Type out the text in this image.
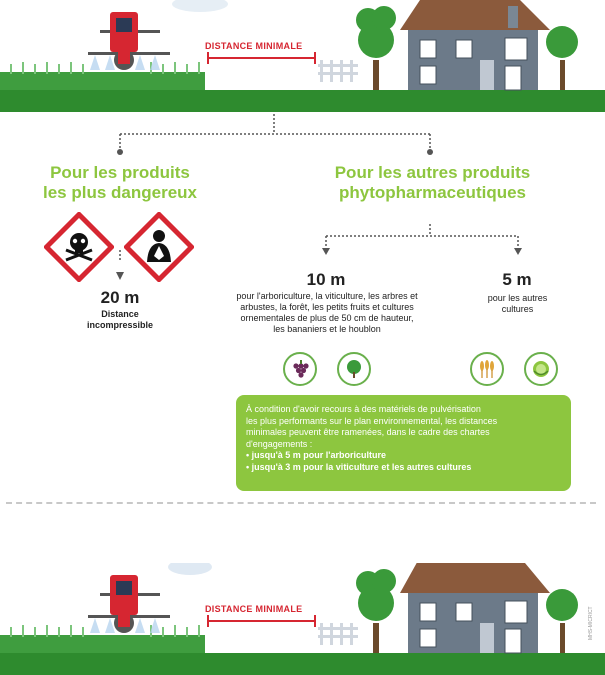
DISTANCE MINIMALE
Pour les produits
les plus dangereux
20 m
Distance
incompressible
Pour les autres produits
phytopharmaceutiques
10 m
pour l'arboriculture, la viticulture, les arbres et
arbustes, la forêt, les petits fruits et cultures
ornementales de plus de 50 cm de hauteur,
les bananiers et le houblon
5 m
pour les autres
cultures
À condition d'avoir recours à des matériels de pulvérisation
les plus performants sur le plan environnemental, les distances
minimales peuvent être ramenées, dans le cadre des chartes
d'engagements :
• jusqu'à 5 m pour l'arboriculture
• jusqu'à 3 m pour la viticulture et les autres cultures
DISTANCE MINIMALE	MHS-MICRICT
